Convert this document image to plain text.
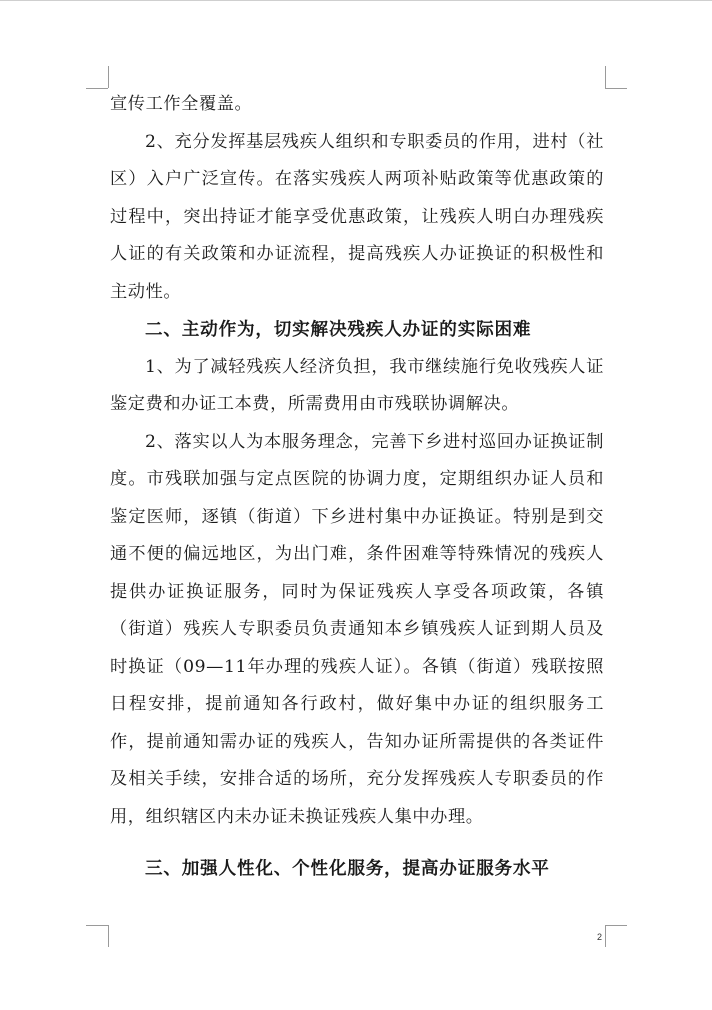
宣传工作全覆盖。

2、充分发挥基层残疾人组织和专职委员的作用，进村（社区）入户广泛宣传。在落实残疾人两项补贴政策等优惠政策的过程中，突出持证才能享受优惠政策，让残疾人明白办理残疾人证的有关政策和办证流程，提高残疾人办证换证的积极性和主动性。

二、主动作为，切实解决残疾人办证的实际困难

1、为了减轻残疾人经济负担，我市继续施行免收残疾人证鉴定费和办证工本费，所需费用由市残联协调解决。

2、落实以人为本服务理念，完善下乡进村巡回办证换证制度。市残联加强与定点医院的协调力度，定期组织办证人员和鉴定医师，逐镇（街道）下乡进村集中办证换证。特别是到交通不便的偏远地区，为出门难，条件困难等特殊情况的残疾人提供办证换证服务，同时为保证残疾人享受各项政策，各镇（街道）残疾人专职委员负责通知本乡镇残疾人证到期人员及时换证（09—11年办理的残疾人证）。各镇（街道）残联按照日程安排，提前通知各行政村，做好集中办证的组织服务工作，提前通知需办证的残疾人，告知办证所需提供的各类证件及相关手续，安排合适的场所，充分发挥残疾人专职委员的作用，组织辖区内未办证未换证残疾人集中办理。

三、加强人性化、个性化服务，提高办证服务水平

2
